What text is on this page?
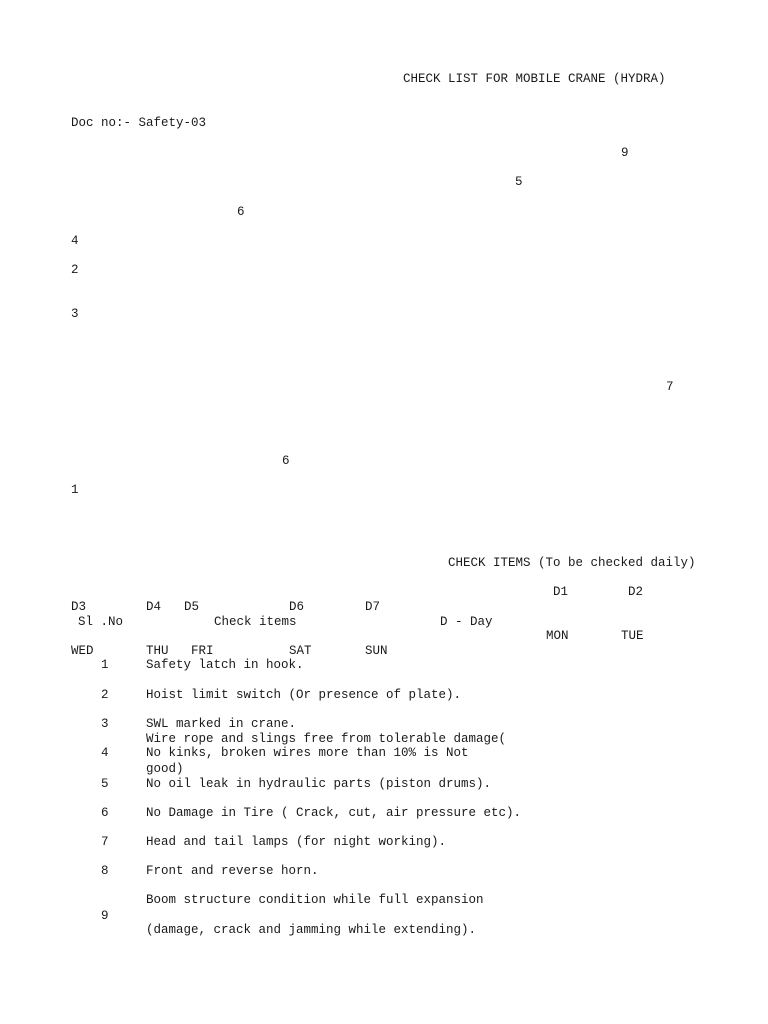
CHECK LIST FOR MOBILE CRANE (HYDRA)
Doc no:- Safety-03
9
5
6
4
2
3
7
6
1
CHECK ITEMS (To be checked daily)
D1	D2
D3	D4 D5	D6	D7
Sl .No	Check items	D - Day
MON	TUE
WED	THU FRI	SAT	SUN
1	Safety latch in hook.
2	Hoist limit switch (Or presence of plate).
3	SWL marked in crane.
Wire rope and slings free from tolerable damage(
4	No kinks, broken wires more than 10% is Not
good)
5	No oil leak in hydraulic parts (piston drums).
6	No Damage in Tire ( Crack, cut, air pressure etc).
7	Head and tail lamps (for night working).
8	Front and reverse horn.
Boom structure condition while full expansion
9
(damage, crack and jamming while extending).
